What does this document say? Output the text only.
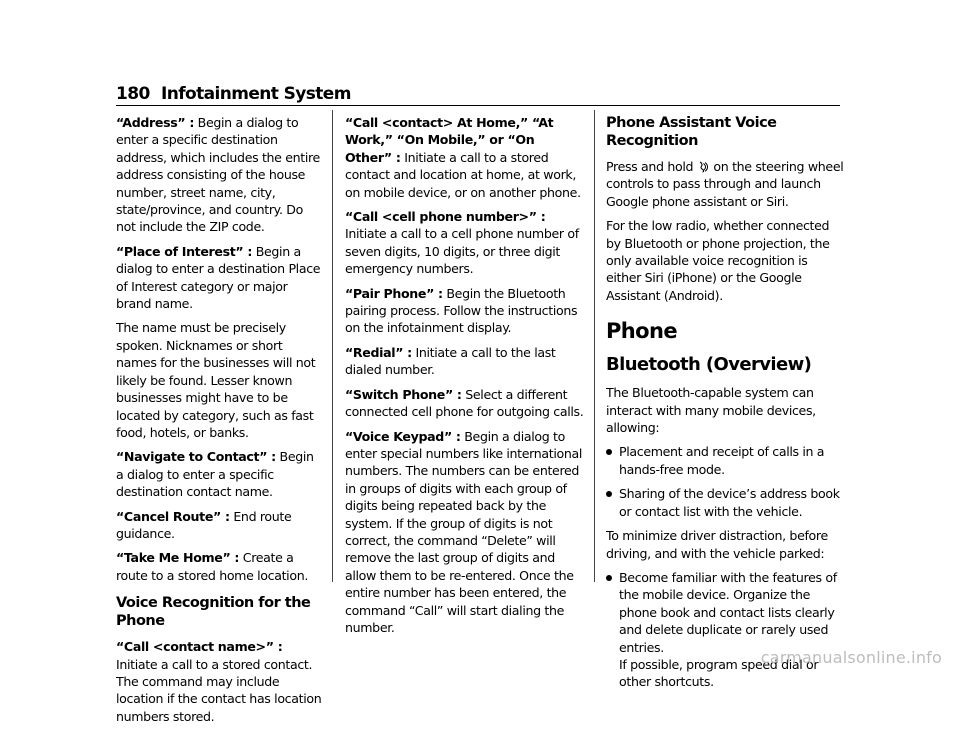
180 Infotainment System

“Address” : Begin a dialog to enter a specific destination address, which includes the entire address consisting of the house number, street name, city, state/province, and country. Do not include the ZIP code.

“Place of Interest” : Begin a dialog to enter a destination Place of Interest category or major brand name.

The name must be precisely spoken. Nicknames or short names for the businesses will not likely be found. Lesser known businesses might have to be located by category, such as fast food, hotels, or banks.

“Navigate to Contact” : Begin a dialog to enter a specific destination contact name.

“Cancel Route” : End route guidance.

“Take Me Home” : Create a route to a stored home location.

Voice Recognition for the Phone

“Call <contact name>” : Initiate a call to a stored contact. The command may include location if the contact has location numbers stored.

“Call <contact> At Home,” “At Work,” “On Mobile,” or “On Other” : Initiate a call to a stored contact and location at home, at work, on mobile device, or on another phone.

“Call <cell phone number>” : Initiate a call to a cell phone number of seven digits, 10 digits, or three digit emergency numbers.

“Pair Phone” : Begin the Bluetooth pairing process. Follow the instructions on the infotainment display.

“Redial” : Initiate a call to the last dialed number.

“Switch Phone” : Select a different connected cell phone for outgoing calls.

“Voice Keypad” : Begin a dialog to enter special numbers like international numbers. The numbers can be entered in groups of digits with each group of digits being repeated back by the system. If the group of digits is not correct, the command “Delete” will remove the last group of digits and allow them to be re-entered. Once the entire number has been entered, the command “Call” will start dialing the number.

Phone Assistant Voice Recognition

Press and hold
on the steering wheel controls to pass through and launch Google phone assistant or Siri.

For the low radio, whether connected by Bluetooth or phone projection, the only available voice recognition is either Siri (iPhone) or the Google Assistant (Android).

Phone
Bluetooth (Overview)

The Bluetooth-capable system can interact with many mobile devices, allowing:

Placement and receipt of calls in a hands-free mode.
Sharing of the device’s address book or contact list with the vehicle.

To minimize driver distraction, before driving, and with the vehicle parked:

Become familiar with the features of the mobile device. Organize the phone book and contact lists clearly and delete duplicate or rarely used entries.
If possible, program speed dial or other shortcuts.
carmanualsonline.info
